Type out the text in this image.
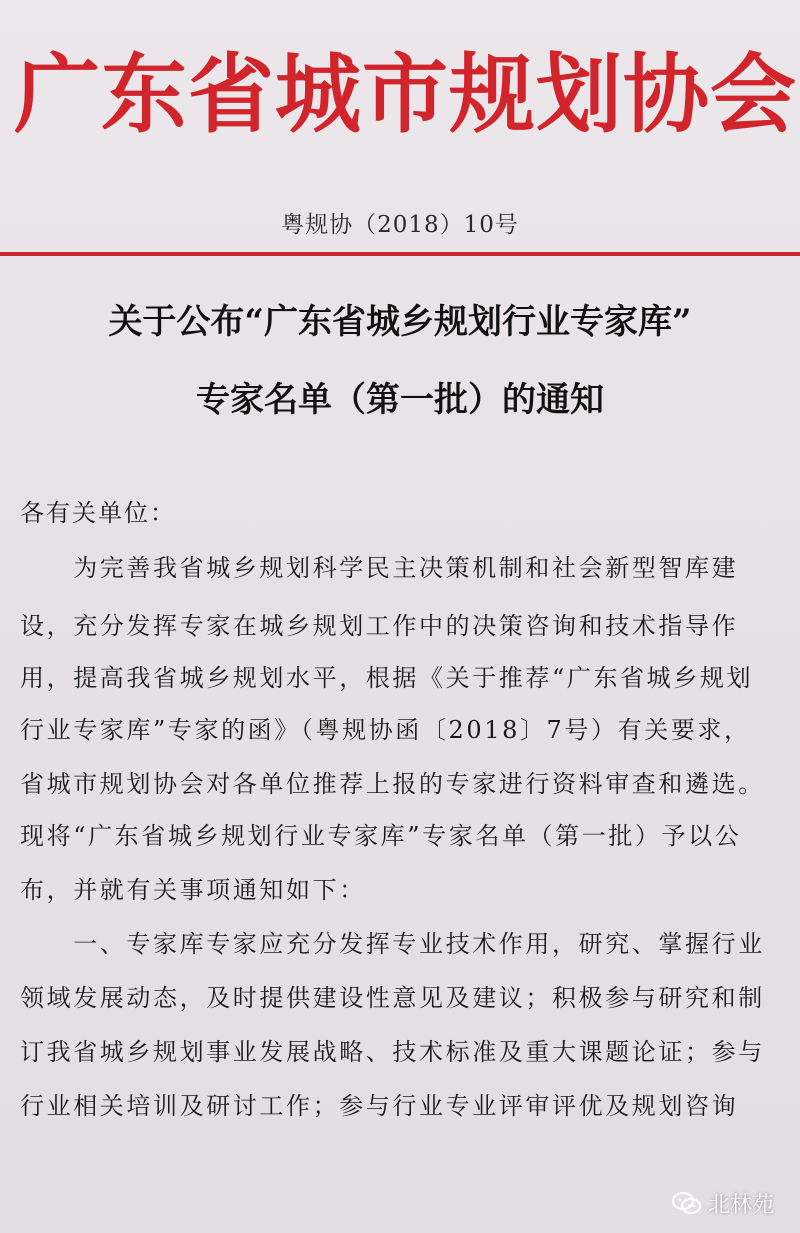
广东省城市规划协会
粤规协（2018）10号
关于公布“广东省城乡规划行业专家库”
专家名单（第一批）的通知
各有关单位：
　　为完善我省城乡规划科学民主决策机制和社会新型智库建
设，充分发挥专家在城乡规划工作中的决策咨询和技术指导作
用，提高我省城乡规划水平，根据《关于推荐“广东省城乡规划
行业专家库”专家的函》（粤规协函〔2018〕7号）有关要求，
省城市规划协会对各单位推荐上报的专家进行资料审查和遴选。
现将“广东省城乡规划行业专家库”专家名单（第一批）予以公
布，并就有关事项通知如下：
　　一、专家库专家应充分发挥专业技术作用，研究、掌握行业
领域发展动态，及时提供建设性意见及建议；积极参与研究和制
订我省城乡规划事业发展战略、技术标准及重大课题论证；参与
行业相关培训及研讨工作；参与行业专业评审评优及规划咨询
北林苑
